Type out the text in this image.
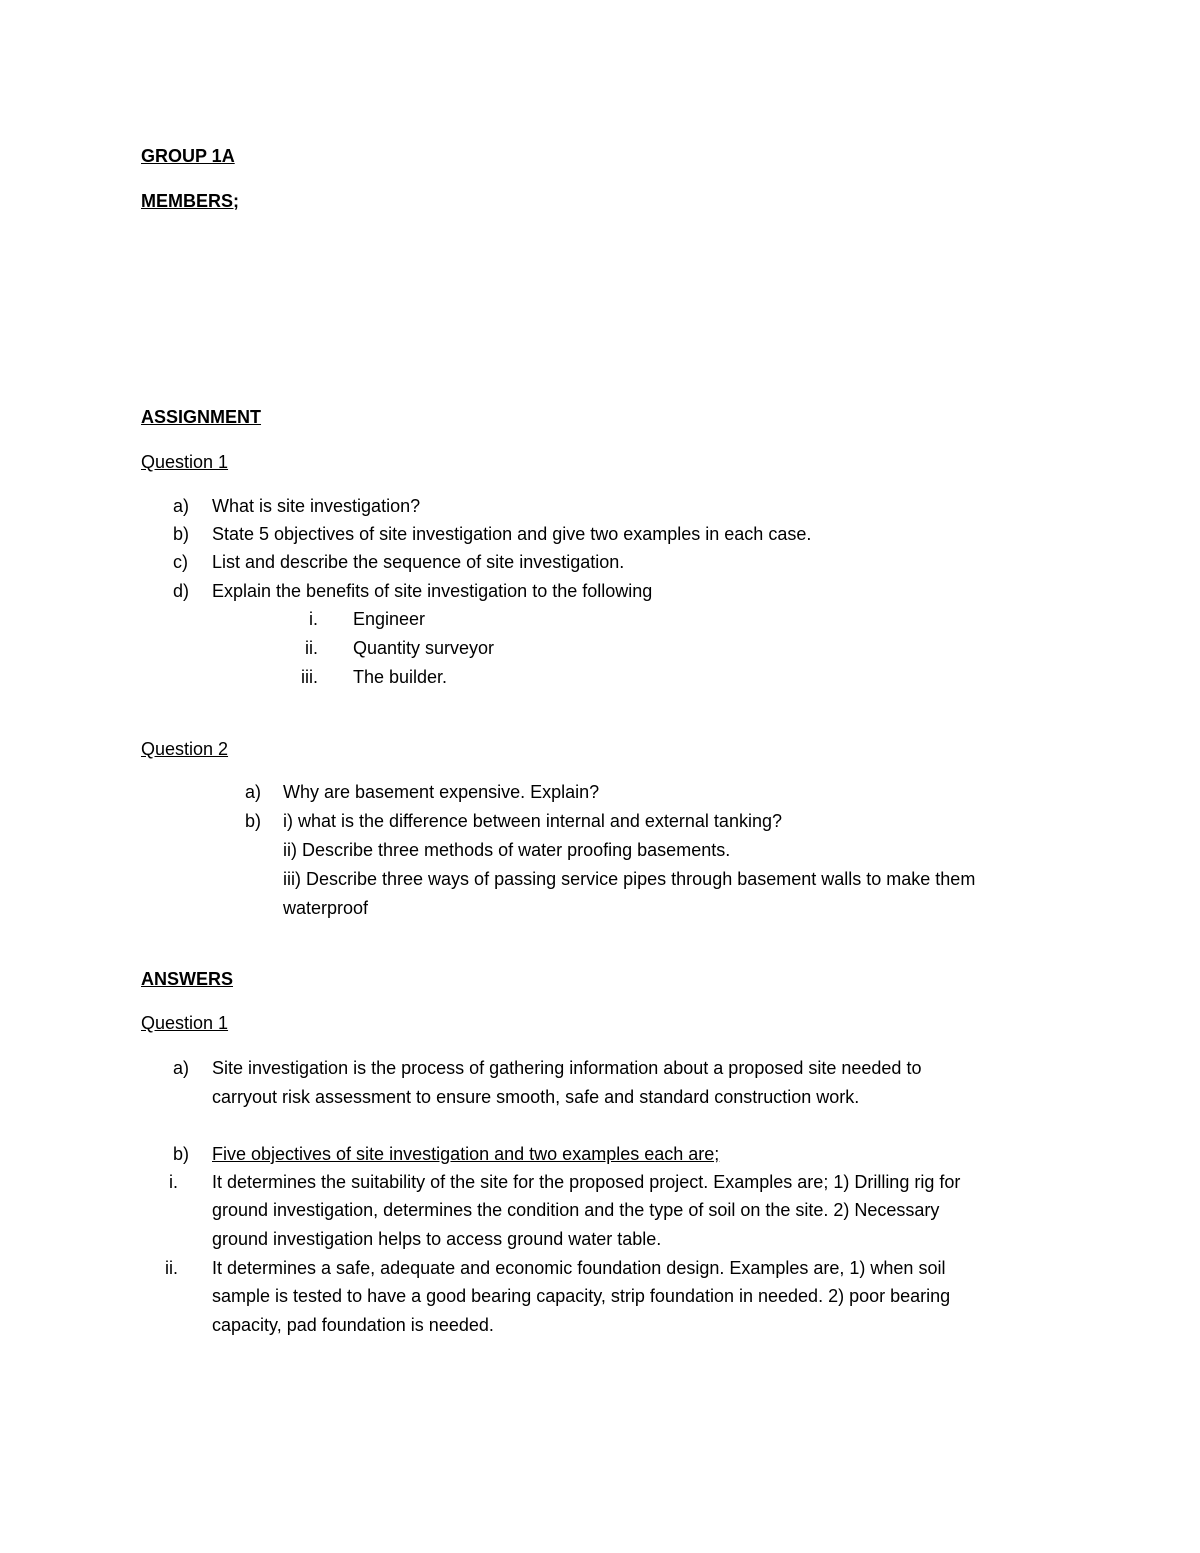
GROUP 1A
MEMBERS;
ASSIGNMENT
Question 1
a) What is site investigation?
b) State 5 objectives of site investigation and give two examples in each case.
c) List and describe the sequence of site investigation.
d) Explain the benefits of site investigation to the following
i. Engineer
ii. Quantity surveyor
iii. The builder.
Question 2
a) Why are basement expensive. Explain?
b) i) what is the difference between internal and external tanking?
ii) Describe three methods of water proofing basements.
iii) Describe three ways of passing service pipes through basement walls to make them
waterproof
ANSWERS
Question 1
a) Site investigation is the process of gathering information about a proposed site needed to
carryout risk assessment to ensure smooth, safe and standard construction work.
b) Five objectives of site investigation and two examples each are;
i. It determines the suitability of the site for the proposed project. Examples are; 1) Drilling rig for
ground investigation, determines the condition and the type of soil on the site. 2) Necessary
ground investigation helps to access ground water table.
ii. It determines a safe, adequate and economic foundation design. Examples are, 1) when soil
sample is tested to have a good bearing capacity, strip foundation in needed. 2) poor bearing
capacity, pad foundation is needed.
